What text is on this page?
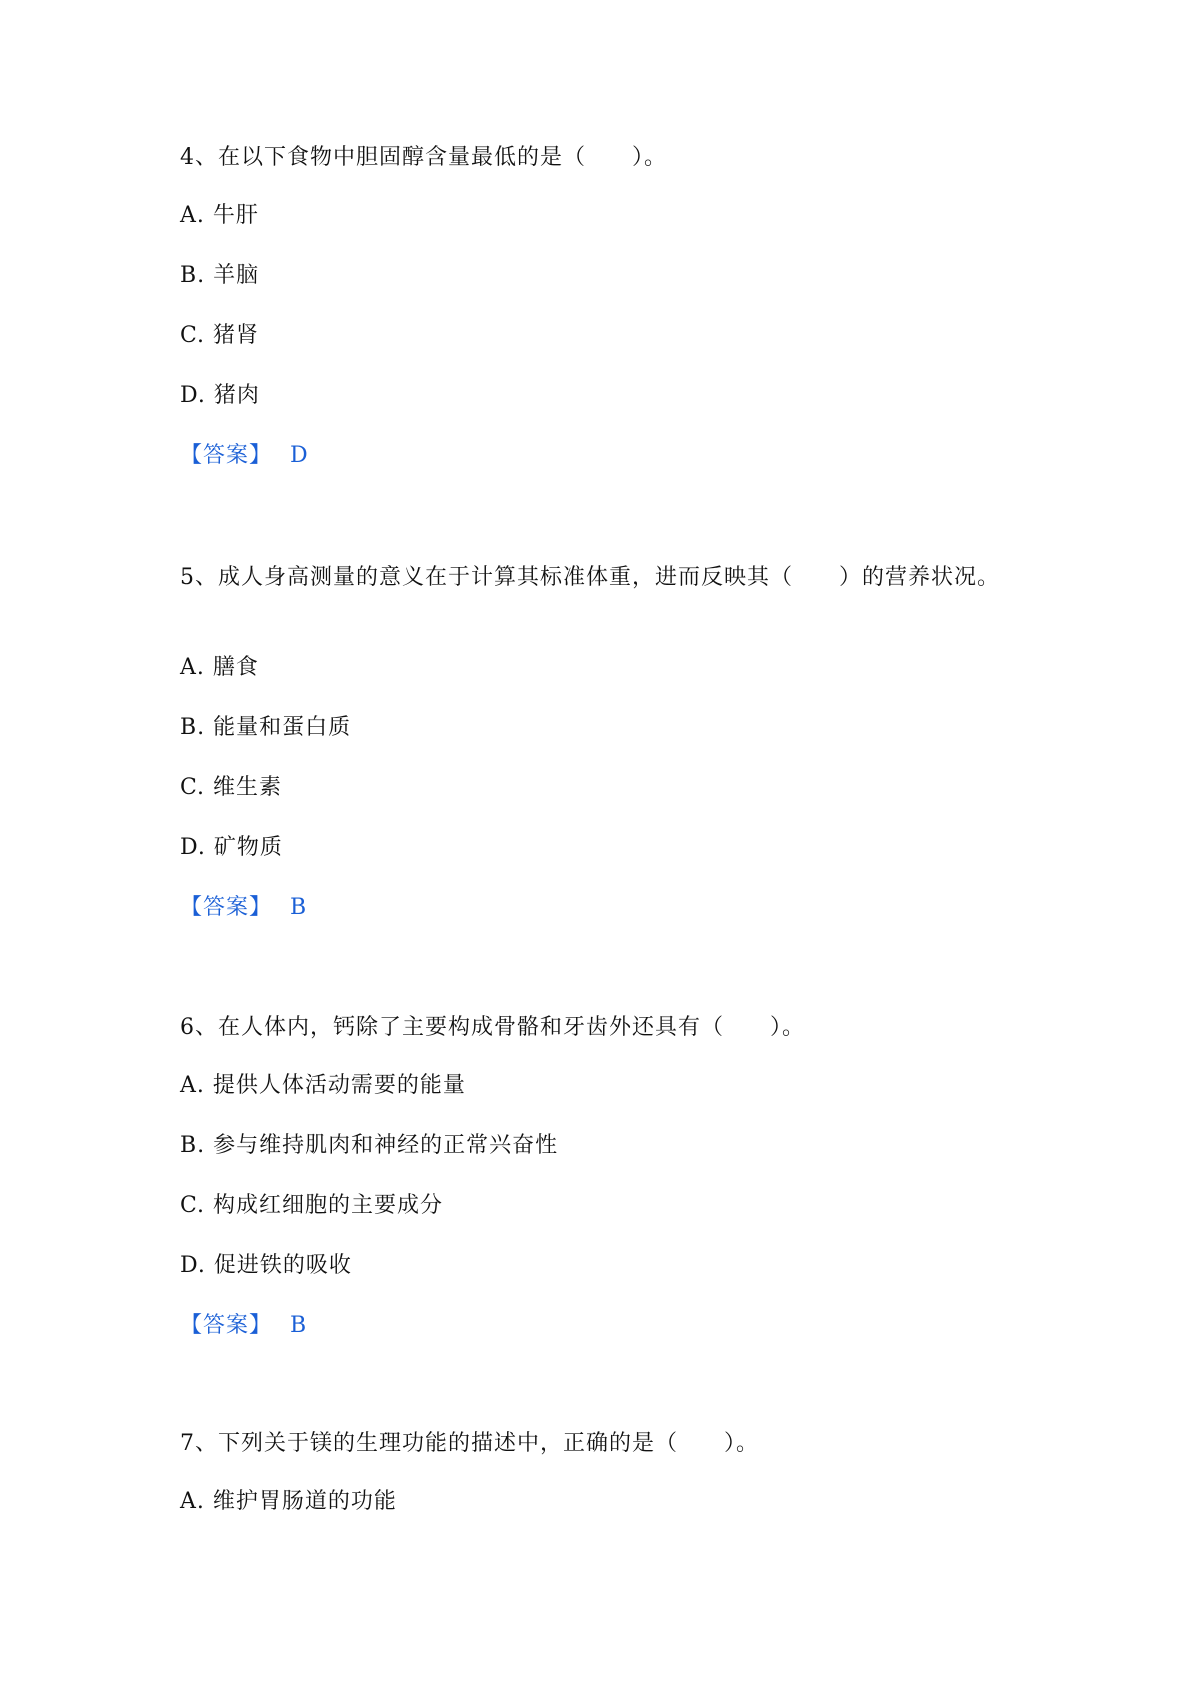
4、在以下食物中胆固醇含量最低的是（　　）。

A. 牛肝

B. 羊脑

C. 猪肾

D. 猪肉

【答案】 D

5、成人身高测量的意义在于计算其标准体重，进而反映其（　　）的营养状况。

A. 膳食

B. 能量和蛋白质

C. 维生素

D. 矿物质

【答案】 B

6、在人体内，钙除了主要构成骨骼和牙齿外还具有（　　）。

A. 提供人体活动需要的能量

B. 参与维持肌肉和神经的正常兴奋性

C. 构成红细胞的主要成分

D. 促进铁的吸收

【答案】 B

7、下列关于镁的生理功能的描述中，正确的是（　　）。

A. 维护胃肠道的功能
